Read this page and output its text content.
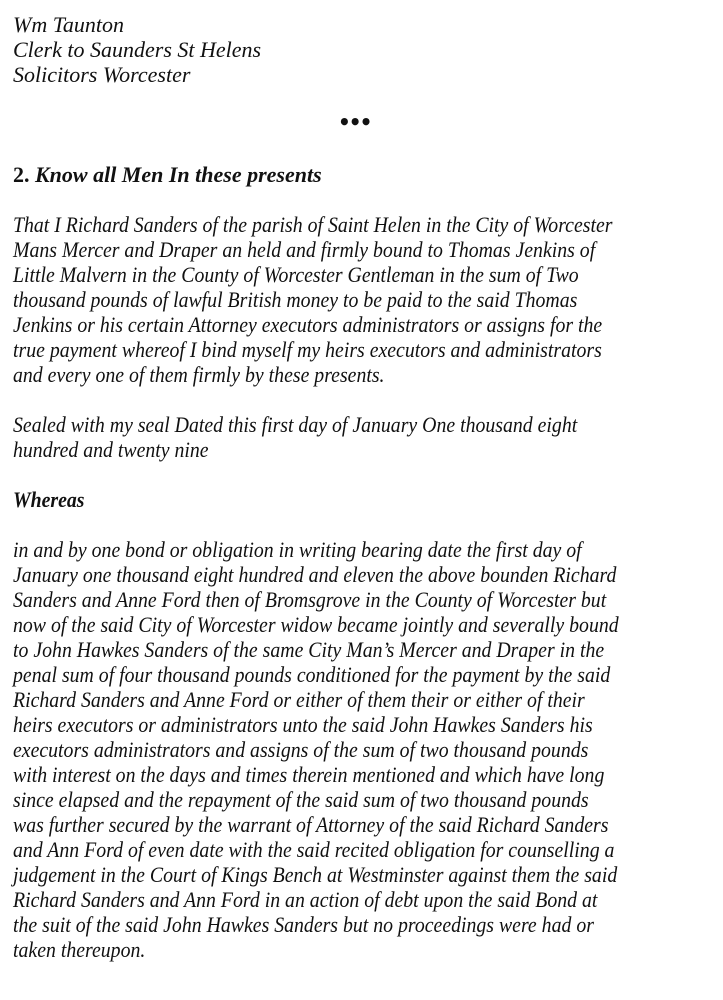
Wm Taunton
Clerk to Saunders St Helens
Solicitors Worcester
•••
2. Know all Men In these presents
That I Richard Sanders of the parish of Saint Helen in the City of Worcester
Mans Mercer and Draper an held and firmly bound to Thomas Jenkins of
Little Malvern in the County of Worcester Gentleman in the sum of Two
thousand pounds of lawful British money to be paid to the said Thomas
Jenkins or his certain Attorney executors administrators or assigns for the
true payment whereof I bind myself my heirs executors and administrators
and every one of them firmly by these presents.
Sealed with my seal Dated this first day of January One thousand eight
hundred and twenty nine
Whereas
in and by one bond or obligation in writing bearing date the first day of
January one thousand eight hundred and eleven the above bounden Richard
Sanders and Anne Ford then of Bromsgrove in the County of Worcester but
now of the said City of Worcester widow became jointly and severally bound
to John Hawkes Sanders of the same City Man’s Mercer and Draper in the
penal sum of four thousand pounds conditioned for the payment by the said
Richard Sanders and Anne Ford or either of them their or either of their
heirs executors or administrators unto the said John Hawkes Sanders his
executors administrators and assigns of the sum of two thousand pounds
with interest on the days and times therein mentioned and which have long
since elapsed and the repayment of the said sum of two thousand pounds
was further secured by the warrant of Attorney of the said Richard Sanders
and Ann Ford of even date with the said recited obligation for counselling a
judgement in the Court of Kings Bench at Westminster against them the said
Richard Sanders and Ann Ford in an action of debt upon the said Bond at
the suit of the said John Hawkes Sanders but no proceedings were had or
taken thereupon.
